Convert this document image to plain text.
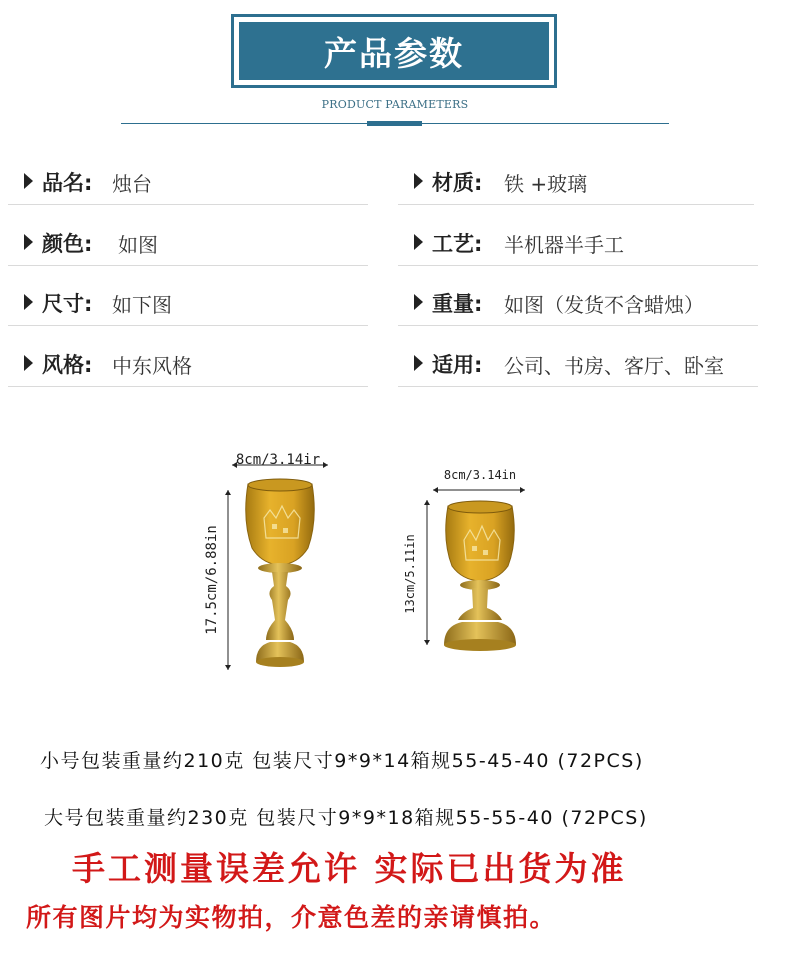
产品参数
PRODUCT PARAMETERS
品名: 烛台
颜色: 如图
尺寸: 如下图
风格: 中东风格
材质: 铁 +玻璃
工艺: 半机器半手工
重量: 如图（发货不含蜡烛）
适用: 公司、书房、客厅、卧室
8cm/3.14ir
17.5cm/6.88in
8cm/3.14in
13cm/5.11in
小号包装重量约210克 包装尺寸9*9*14箱规55-45-40 (72PCS)
大号包装重量约230克 包装尺寸9*9*18箱规55-55-40 (72PCS)
手工测量误差允许 实际已出货为准
所有图片均为实物拍，介意色差的亲请慎拍。
